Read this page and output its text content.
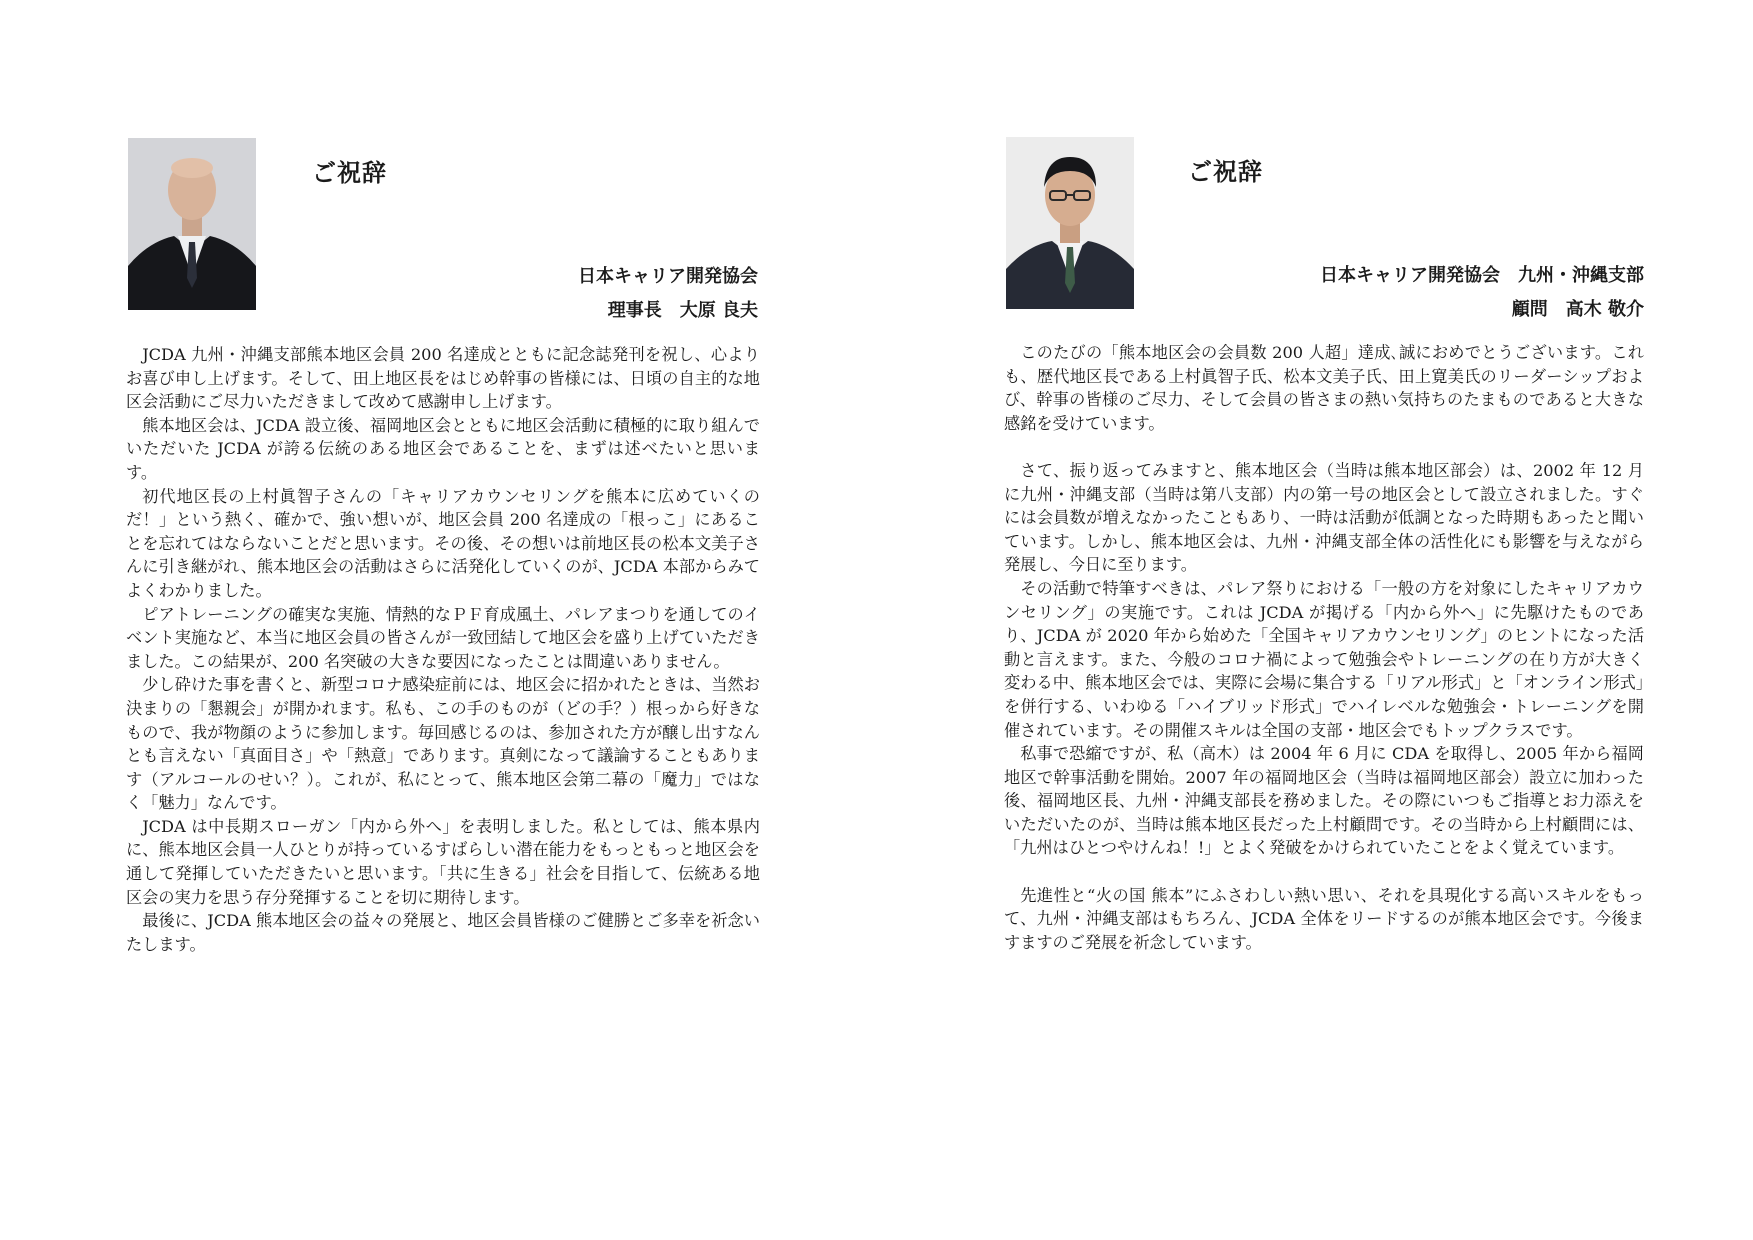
ご祝辞
日本キャリア開発協会
理事長　大原 良夫

JCDA 九州・沖縄支部熊本地区会員 200 名達成とともに記念誌発刊を祝し、心よりお喜び申し上げます。そして、田上地区長をはじめ幹事の皆様には、日頃の自主的な地区会活動にご尽力いただきまして改めて感謝申し上げます。

熊本地区会は、JCDA 設立後、福岡地区会とともに地区会活動に積極的に取り組んでいただいた JCDA が誇る伝統のある地区会であることを、まずは述べたいと思います。

初代地区長の上村眞智子さんの「キャリアカウンセリングを熊本に広めていくのだ！」という熱く、確かで、強い想いが、地区会員 200 名達成の「根っこ」にあることを忘れてはならないことだと思います。その後、その想いは前地区長の松本文美子さんに引き継がれ、熊本地区会の活動はさらに活発化していくのが、JCDA 本部からみてよくわかりました。

ピアトレーニングの確実な実施、情熱的なＰＦ育成風土、パレアまつりを通してのイベント実施など、本当に地区会員の皆さんが一致団結して地区会を盛り上げていただきました。この結果が、200 名突破の大きな要因になったことは間違いありません。

少し砕けた事を書くと、新型コロナ感染症前には、地区会に招かれたときは、当然お決まりの「懇親会」が開かれます。私も、この手のものが（どの手？）根っから好きなもので、我が物顔のように参加します。毎回感じるのは、参加された方が醸し出すなんとも言えない「真面目さ」や「熱意」であります。真剣になって議論することもあります（アルコールのせい？）。これが、私にとって、熊本地区会第二幕の「魔力」ではなく「魅力」なんです。

JCDA は中長期スローガン「内から外へ」を表明しました。私としては、熊本県内に、熊本地区会員一人ひとりが持っているすばらしい潜在能力をもっともっと地区会を通して発揮していただきたいと思います。「共に生きる」社会を目指して、伝統ある地区会の実力を思う存分発揮することを切に期待します。

最後に、JCDA 熊本地区会の益々の発展と、地区会員皆様のご健勝とご多幸を祈念いたします。

ご祝辞
日本キャリア開発協会　九州・沖縄支部
顧問　高木 敬介

このたびの「熊本地区会の会員数 200 人超」達成､誠におめでとうございます。これも、歴代地区長である上村眞智子氏、松本文美子氏、田上寛美氏のリーダーシップおよび、幹事の皆様のご尽力、そして会員の皆さまの熱い気持ちのたまものであると大きな感銘を受けています。

さて、振り返ってみますと、熊本地区会（当時は熊本地区部会）は、2002 年 12 月に九州・沖縄支部（当時は第八支部）内の第一号の地区会として設立されました。すぐには会員数が増えなかったこともあり、一時は活動が低調となった時期もあったと聞いています。しかし、熊本地区会は、九州・沖縄支部全体の活性化にも影響を与えながら発展し、今日に至ります。

その活動で特筆すべきは、パレア祭りにおける「一般の方を対象にしたキャリアカウンセリング」の実施です。これは JCDA が掲げる「内から外へ」に先駆けたものであり、JCDA が 2020 年から始めた「全国キャリアカウンセリング」のヒントになった活動と言えます。また、今般のコロナ禍によって勉強会やトレーニングの在り方が大きく変わる中、熊本地区会では、実際に会場に集合する「リアル形式」と「オンライン形式」を併行する、いわゆる「ハイブリッド形式」でハイレベルな勉強会・トレーニングを開催されています。その開催スキルは全国の支部・地区会でもトップクラスです。

私事で恐縮ですが、私（高木）は 2004 年 6 月に CDA を取得し、2005 年から福岡地区で幹事活動を開始。2007 年の福岡地区会（当時は福岡地区部会）設立に加わった後、福岡地区長、九州・沖縄支部長を務めました。その際にいつもご指導とお力添えをいただいたのが、当時は熊本地区長だった上村顧問です。その当時から上村顧問には、「九州はひとつやけんね！!」とよく発破をかけられていたことをよく覚えています。

先進性と“火の国 熊本”にふさわしい熱い思い、それを具現化する高いスキルをもって、九州・沖縄支部はもちろん、JCDA 全体をリードするのが熊本地区会です。今後ますますのご発展を祈念しています。
